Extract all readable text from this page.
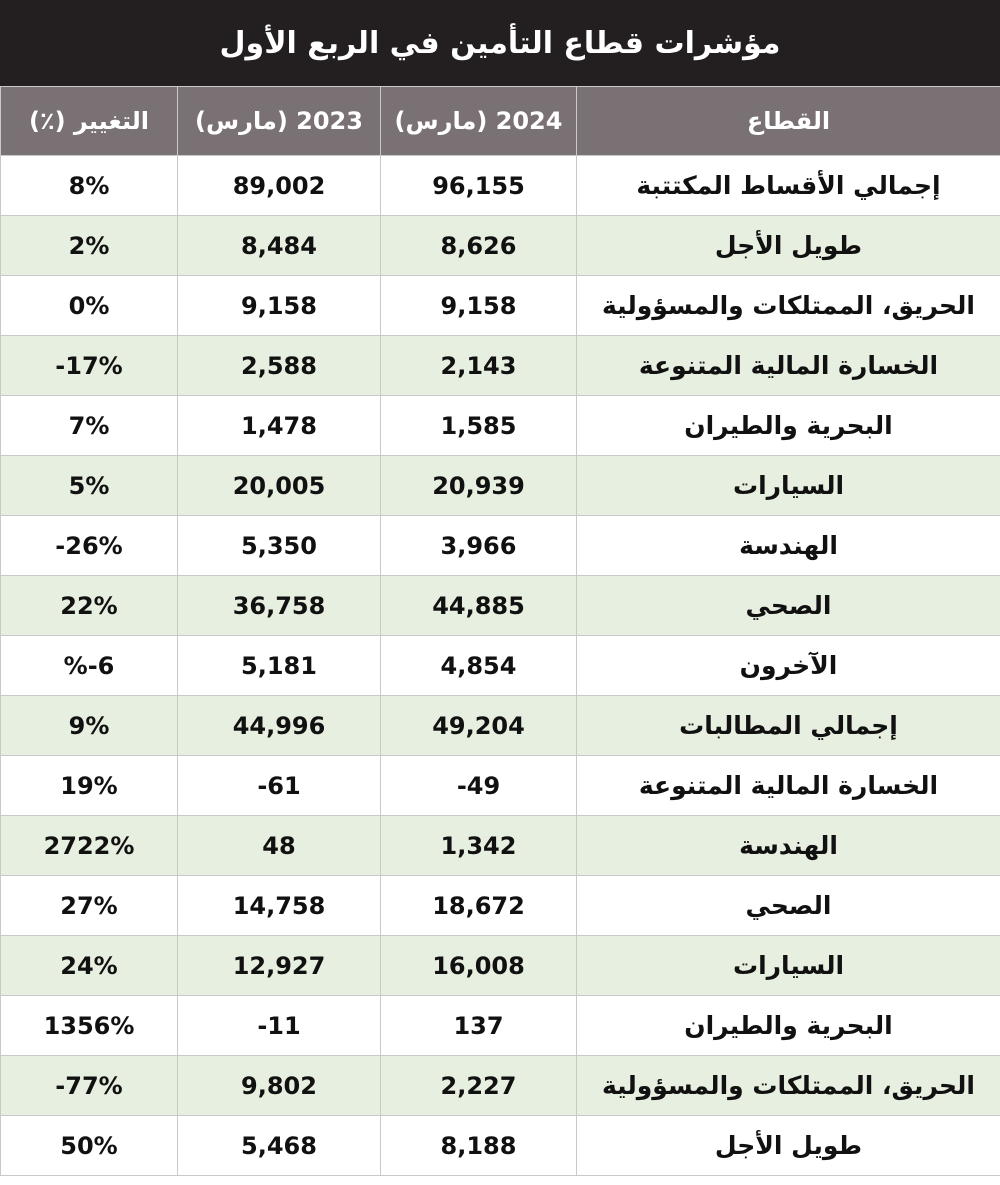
مؤشرات قطاع التأمين في الربع الأول
القطاع	2024 (مارس)	2023 (مارس)	التغيير (٪)
إجمالي الأقساط المكتتبة	96,155	89,002	8%
طويل الأجل	8,626	8,484	2%
الحريق، الممتلكات والمسؤولية	9,158	9,158	0%
الخسارة المالية المتنوعة	2,143	2,588	-17%
البحرية والطيران	1,585	1,478	7%
السيارات	20,939	20,005	5%
الهندسة	3,966	5,350	-26%
الصحي	44,885	36,758	22%
الآخرون	4,854	5,181	%-6
إجمالي المطالبات	49,204	44,996	9%
الخسارة المالية المتنوعة	-49	-61	19%
الهندسة	1,342	48	2722%
الصحي	18,672	14,758	27%
السيارات	16,008	12,927	24%
البحرية والطيران	137	-11	1356%
الحريق، الممتلكات والمسؤولية	2,227	9,802	-77%
طويل الأجل	8,188	5,468	50%
